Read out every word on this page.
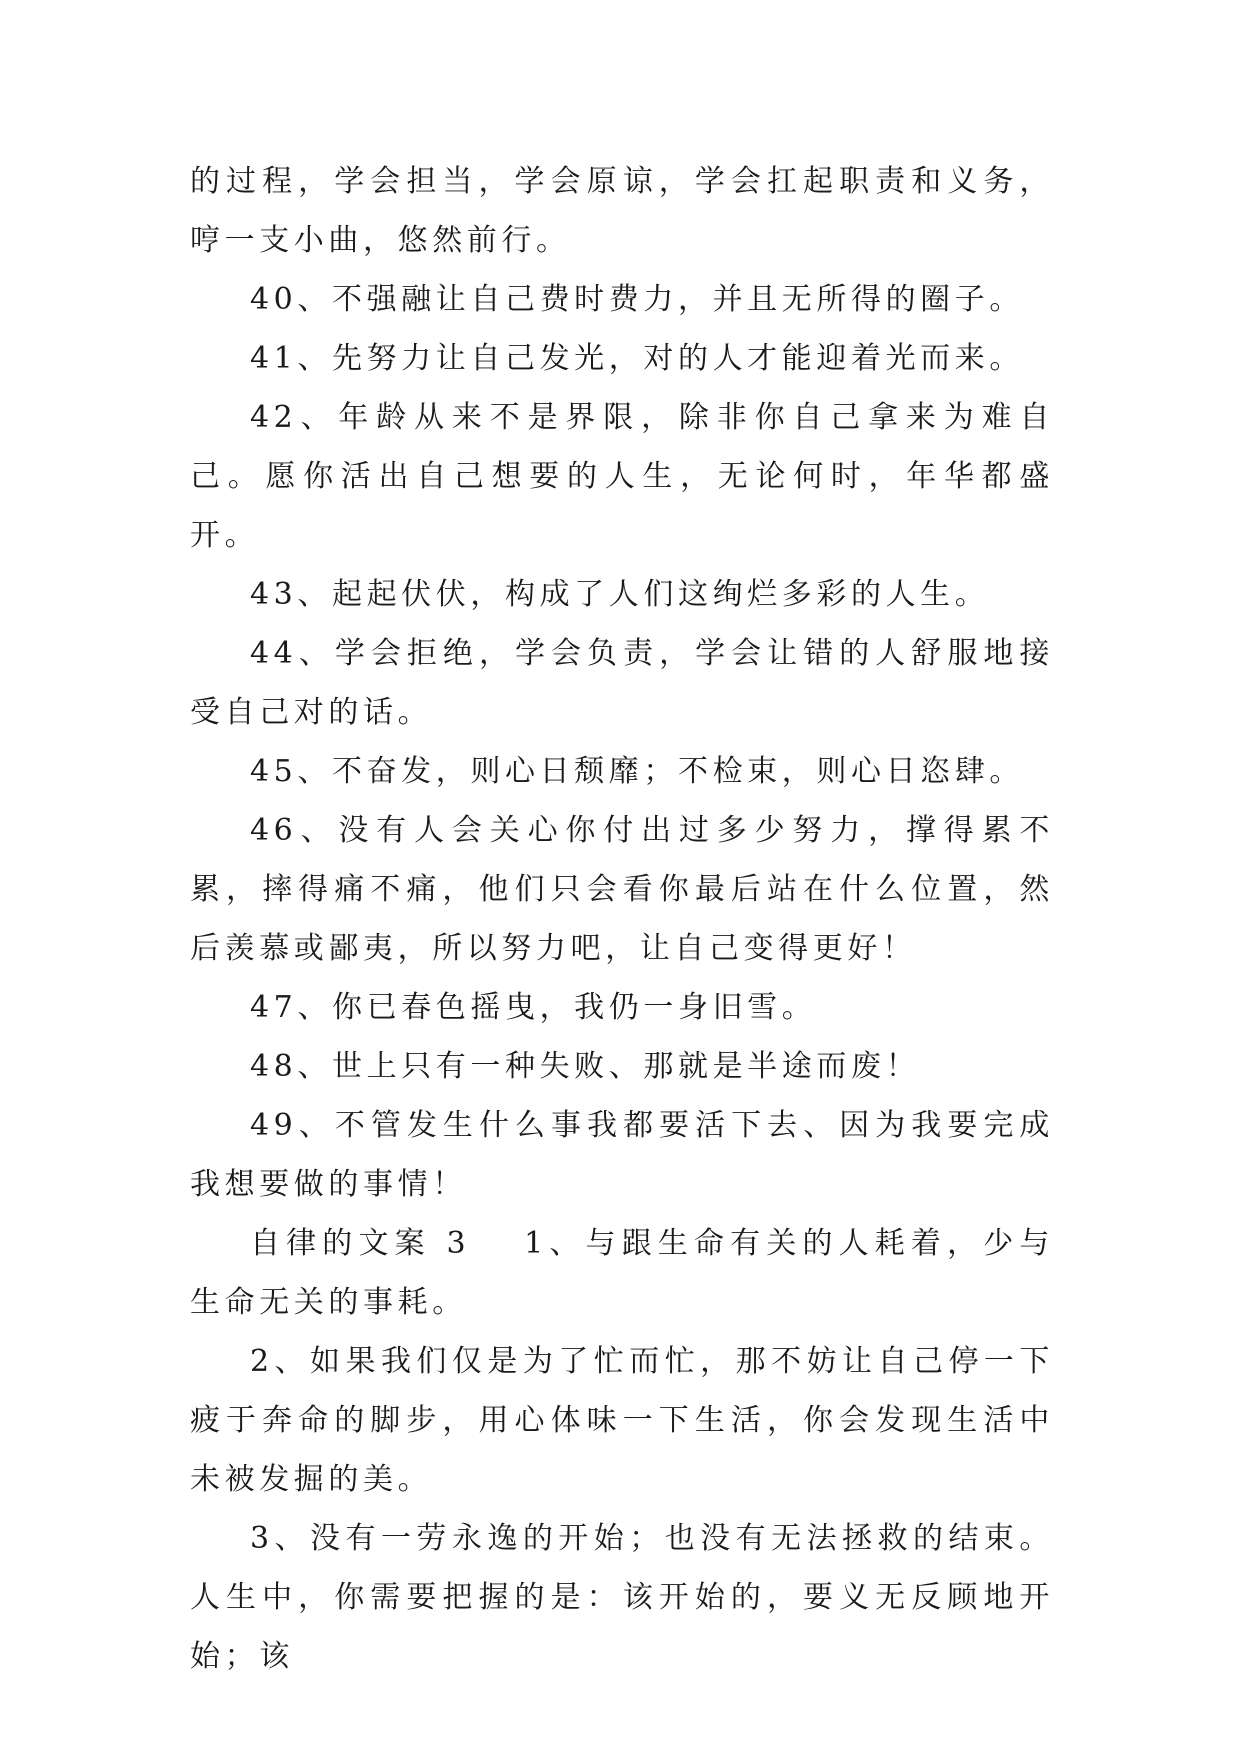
的过程，学会担当，学会原谅，学会扛起职责和义务，哼一支小曲，悠然前行。

40、不强融让自己费时费力，并且无所得的圈子。

41、先努力让自己发光，对的人才能迎着光而来。

42、年龄从来不是界限，除非你自己拿来为难自己。愿你活出自己想要的人生，无论何时，年华都盛开。

43、起起伏伏，构成了人们这绚烂多彩的人生。

44、学会拒绝，学会负责，学会让错的人舒服地接受自己对的话。

45、不奋发，则心日颓靡；不检束，则心日恣肆。

46、没有人会关心你付出过多少努力，撑得累不累，摔得痛不痛，他们只会看你最后站在什么位置，然后羡慕或鄙夷，所以努力吧，让自己变得更好！

47、你已春色摇曳，我仍一身旧雪。

48、世上只有一种失败、那就是半途而废！

49、不管发生什么事我都要活下去、因为我要完成我想要做的事情！

自律的文案 3 1、与跟生命有关的人耗着，少与生命无关的事耗。

2、如果我们仅是为了忙而忙，那不妨让自己停一下疲于奔命的脚步，用心体味一下生活，你会发现生活中未被发掘的美。

3、没有一劳永逸的开始；也没有无法拯救的结束。人生中，你需要把握的是：该开始的，要义无反顾地开始；该
